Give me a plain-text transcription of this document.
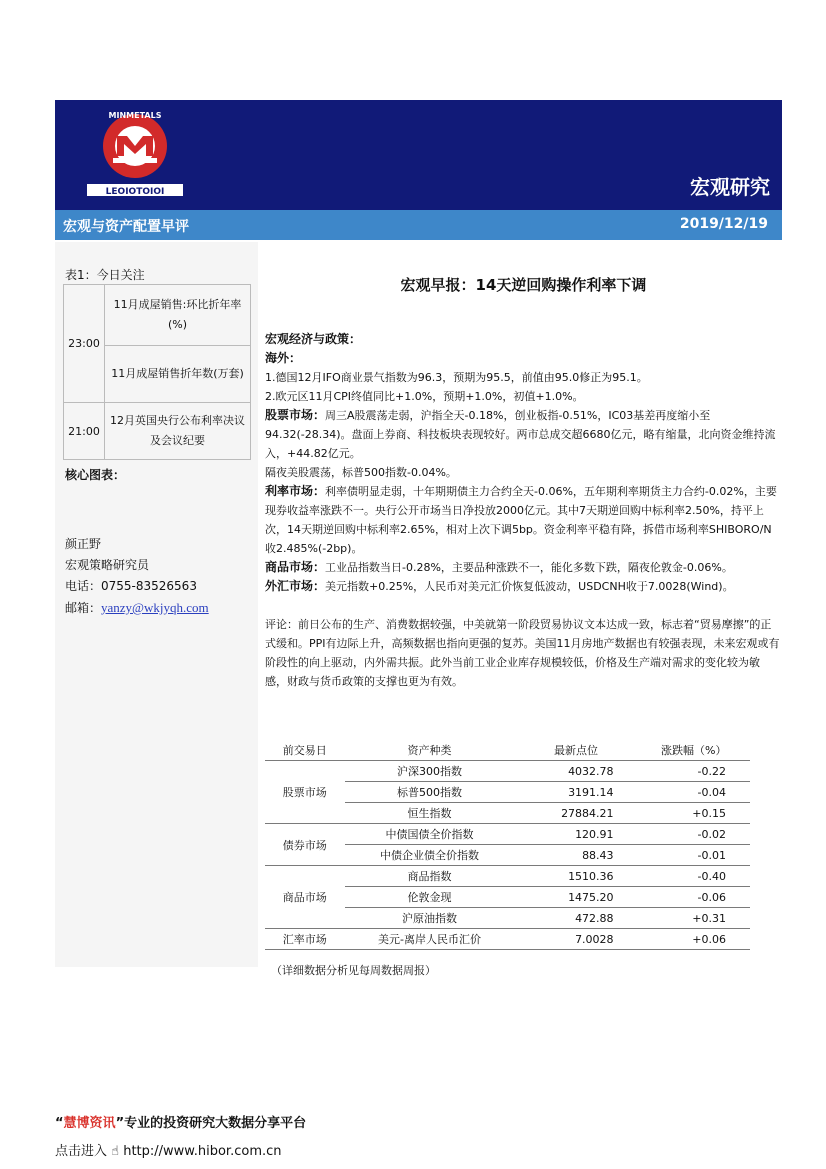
LEOIOTOIOI
MINMETALS
宏观研究
宏观与资产配置早评	2019/12/19
表1：今日关注
23:00	11月成屋销售:环比折年率(%)
	11月成屋销售折年数(万套)
21:00	12月英国央行公布利率决议及会议纪要
核心图表：
颜正野
宏观策略研究员
电话：0755-83526563
邮箱：yanzy@wkjyqh.com
宏观早报：14天逆回购操作利率下调

宏观经济与政策：

海外：

1.德国12月IFO商业景气指数为96.3，预期为95.5，前值由95.0修正为95.1。

2.欧元区11月CPI终值同比+1.0%，预期+1.0%，初值+1.0%。

股票市场：周三A股震荡走弱，沪指全天-0.18%，创业板指-0.51%，IC03基差再度缩小至94.32(-28.34)。盘面上券商、科技板块表现较好。两市总成交超6680亿元，略有缩量，北向资金维持流入，+44.82亿元。

隔夜美股震荡，标普500指数-0.04%。

利率市场：利率债明显走弱，十年期期债主力合约全天-0.06%，五年期利率期货主力合约-0.02%，主要现券收益率涨跌不一。央行公开市场当日净投放2000亿元。其中7天期逆回购中标利率2.50%，持平上次，14天期逆回购中标利率2.65%，相对上次下调5bp。资金利率平稳有降，拆借市场利率SHIBORO/N收2.485%(-2bp)。

商品市场：工业品指数当日-0.28%，主要品种涨跌不一，能化多数下跌，隔夜伦敦金-0.06%。

外汇市场：美元指数+0.25%，人民币对美元汇价恢复低波动，USDCNH收于7.0028(Wind)。

评论：前日公布的生产、消费数据较强，中美就第一阶段贸易协议文本达成一致，标志着“贸易摩擦”的正式缓和。PPI有边际上升，高频数据也指向更强的复苏。美国11月房地产数据也有较强表现，未来宏观或有阶段性的向上驱动，内外需共振。此外当前工业企业库存规模较低，价格及生产端对需求的变化较为敏感，财政与货币政策的支撑也更为有效。

前交易日	资产种类	最新点位	涨跌幅（%）
股票市场	沪深300指数	4032.78	-0.22
	标普500指数	3191.14	-0.04
	恒生指数	27884.21	+0.15
债券市场	中债国债全价指数	120.91	-0.02
	中债企业债全价指数	88.43	-0.01
商品市场	商品指数	1510.36	-0.40
	伦敦金现	1475.20	-0.06
	沪原油指数	472.88	+0.31
汇率市场	美元-离岸人民币汇价	7.0028	+0.06
（详细数据分析见每周数据周报）
“慧博资讯”专业的投资研究大数据分享平台
点击进入 ☝ http://www.hibor.com.cn
